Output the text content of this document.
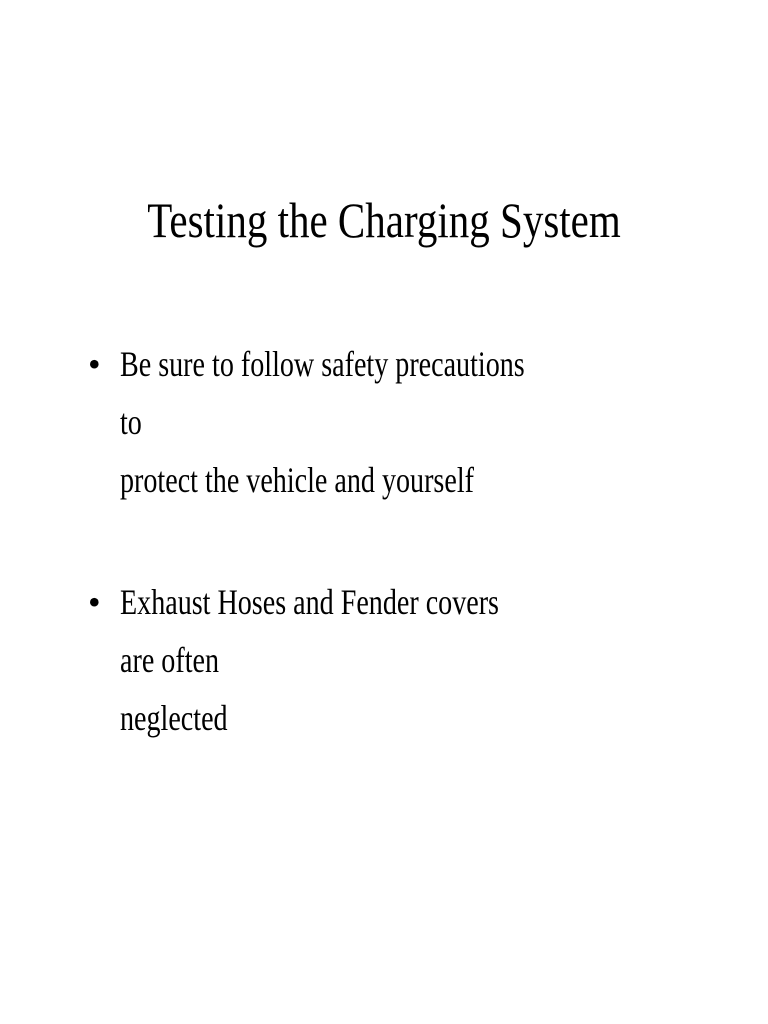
Testing the Charging System
• Be sure to follow safety precautions to
protect the vehicle and yourself
• Exhaust Hoses and Fender covers are often
neglected
